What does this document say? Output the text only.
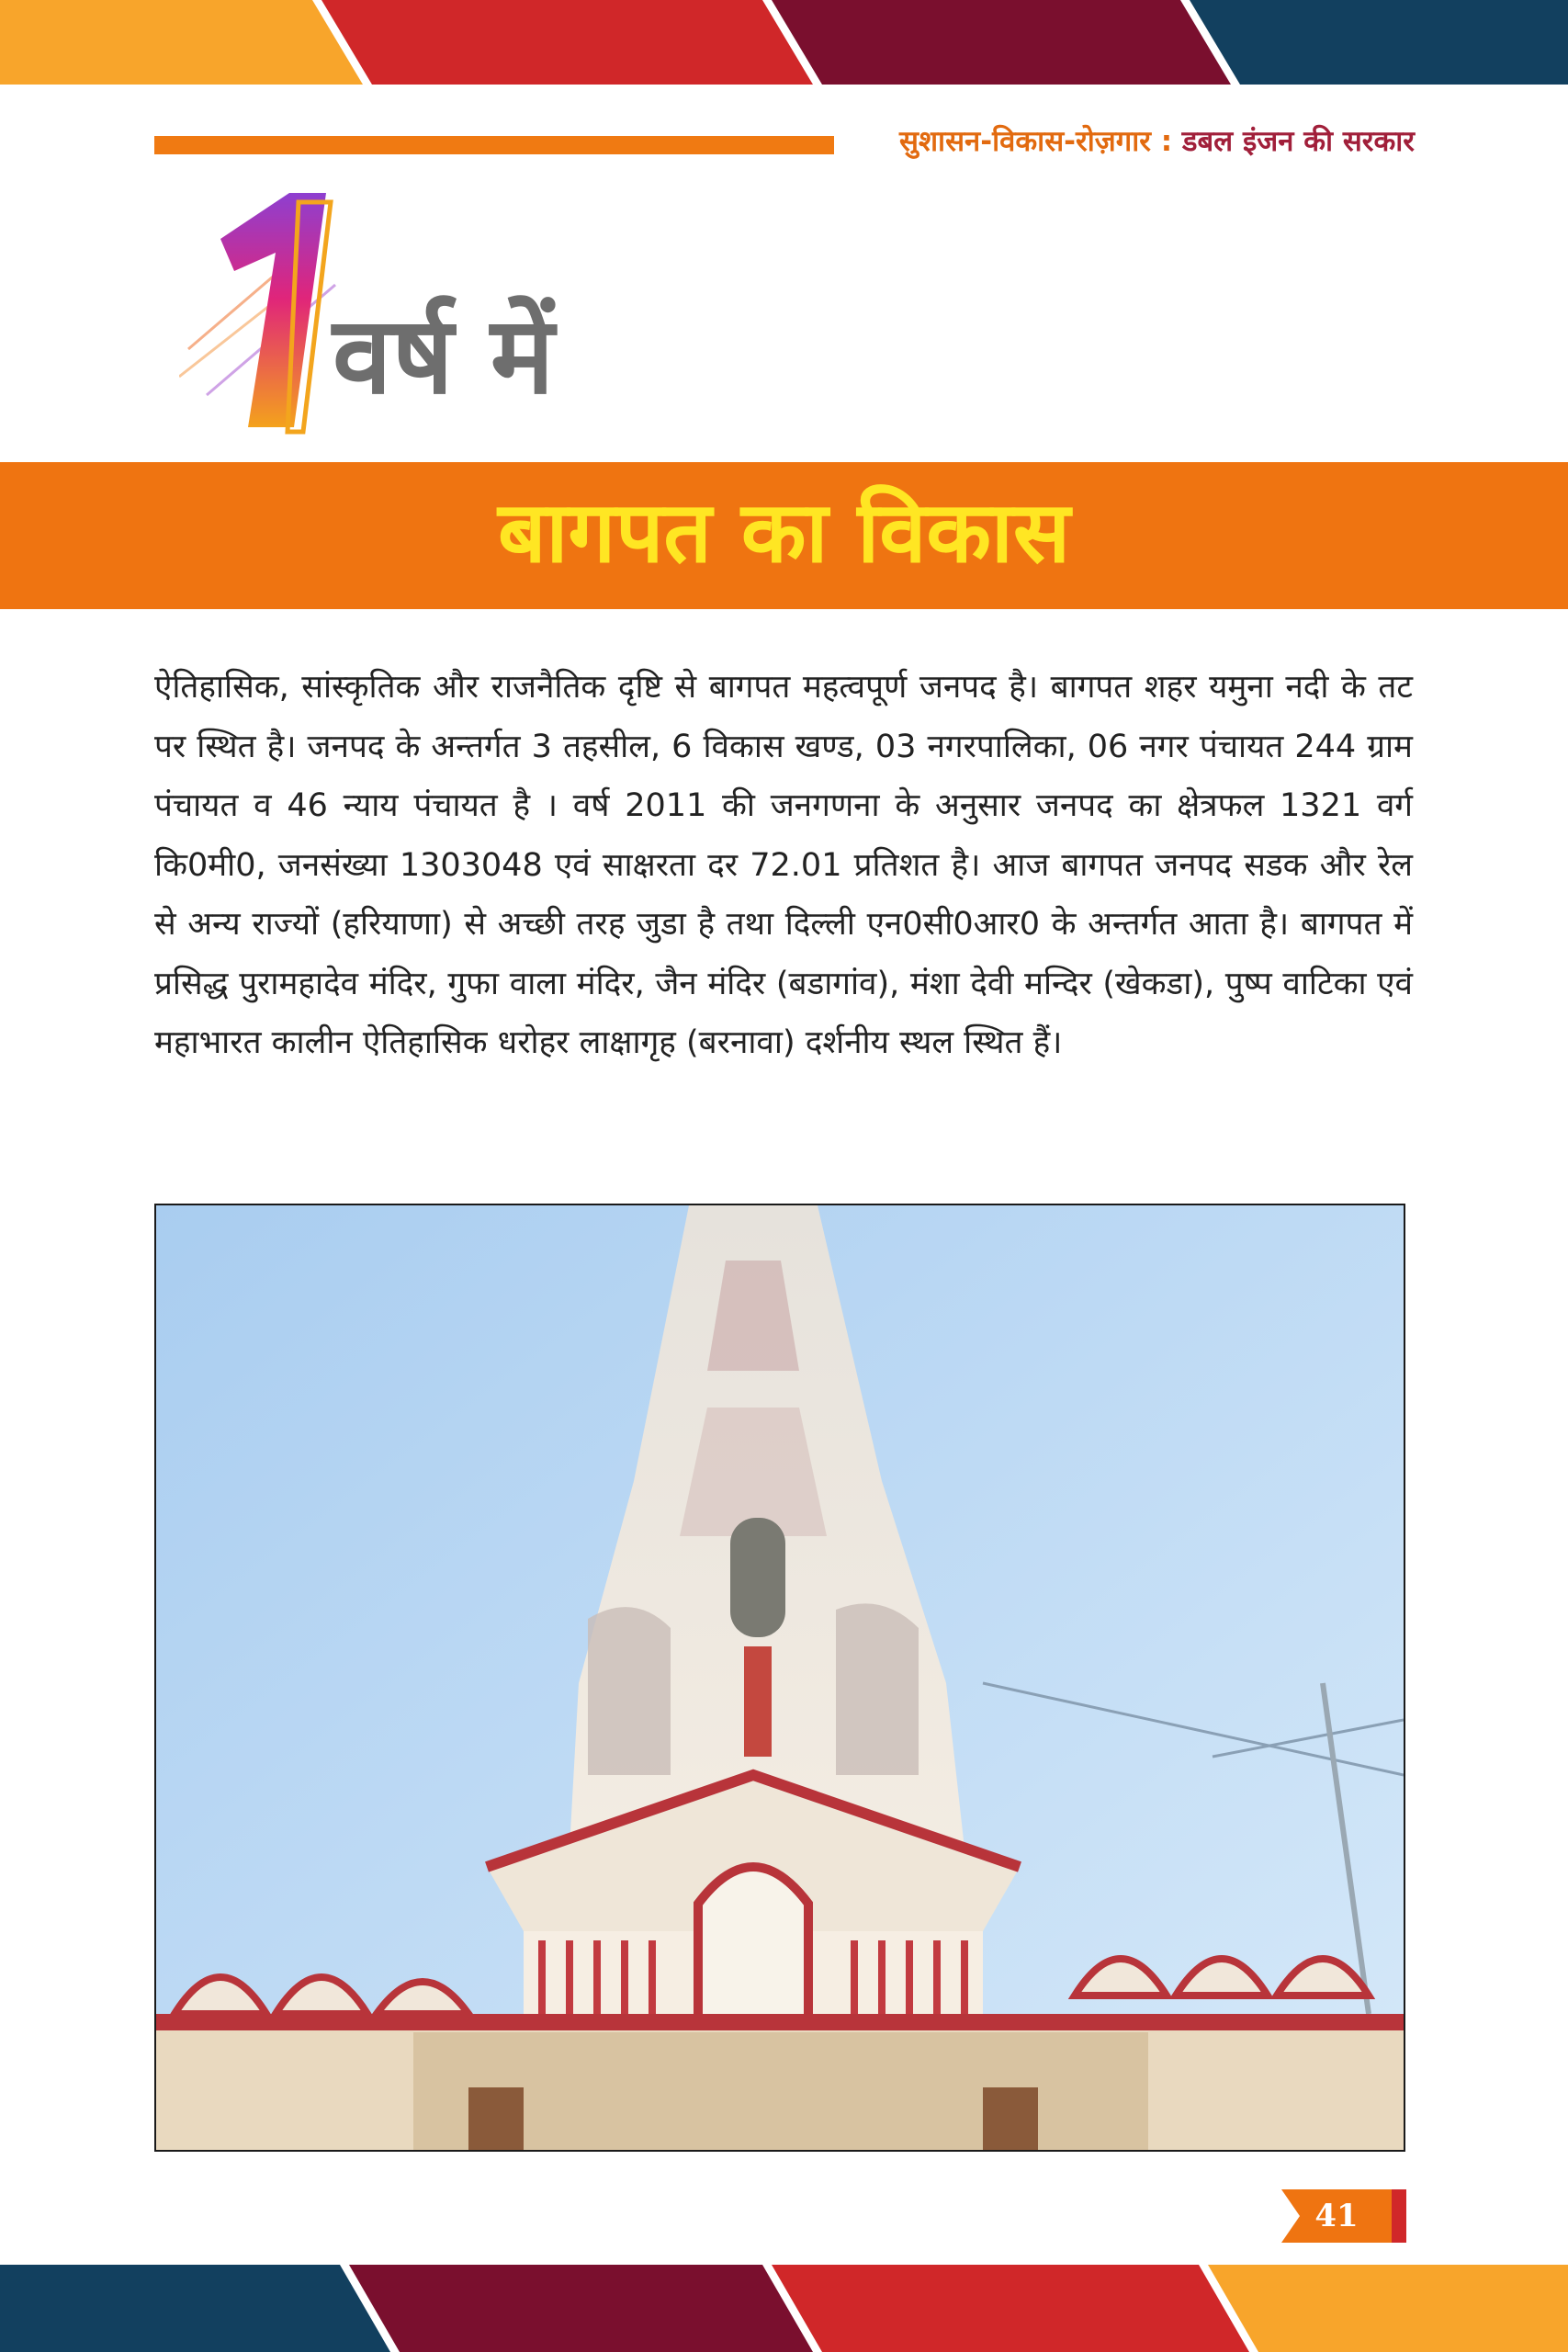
सुशासन-विकास-रोज़गार : डबल इंजन की सरकार
वर्ष में
बागपत का विकास

ऐतिहासिक, सांस्कृतिक और राजनैतिक दृष्टि से बागपत महत्वपूर्ण जनपद है। बागपत शहर यमुना नदी के तट पर स्थित है। जनपद के अन्तर्गत 3 तहसील, 6 विकास खण्ड, 03 नगरपालिका, 06 नगर पंचायत 244 ग्राम पंचायत व 46 न्याय पंचायत है । वर्ष 2011 की जनगणना के अनुसार जनपद का क्षेत्रफल 1321 वर्ग कि0मी0, जनसंख्या 1303048 एवं साक्षरता दर 72.01 प्रतिशत है। आज बागपत जनपद सडक और रेल से अन्य राज्यों (हरियाणा) से अच्छी तरह जुडा है तथा दिल्ली एन0सी0आर0 के अन्तर्गत आता है। बागपत में प्रसिद्ध पुरामहादेव मंदिर, गुफा वाला मंदिर, जैन मंदिर (बडागांव), मंशा देवी मन्दिर (खेकडा), पुष्प वाटिका एवं महाभारत कालीन ऐतिहासिक धरोहर लाक्षागृह (बरनावा) दर्शनीय स्थल स्थित हैं।

41
